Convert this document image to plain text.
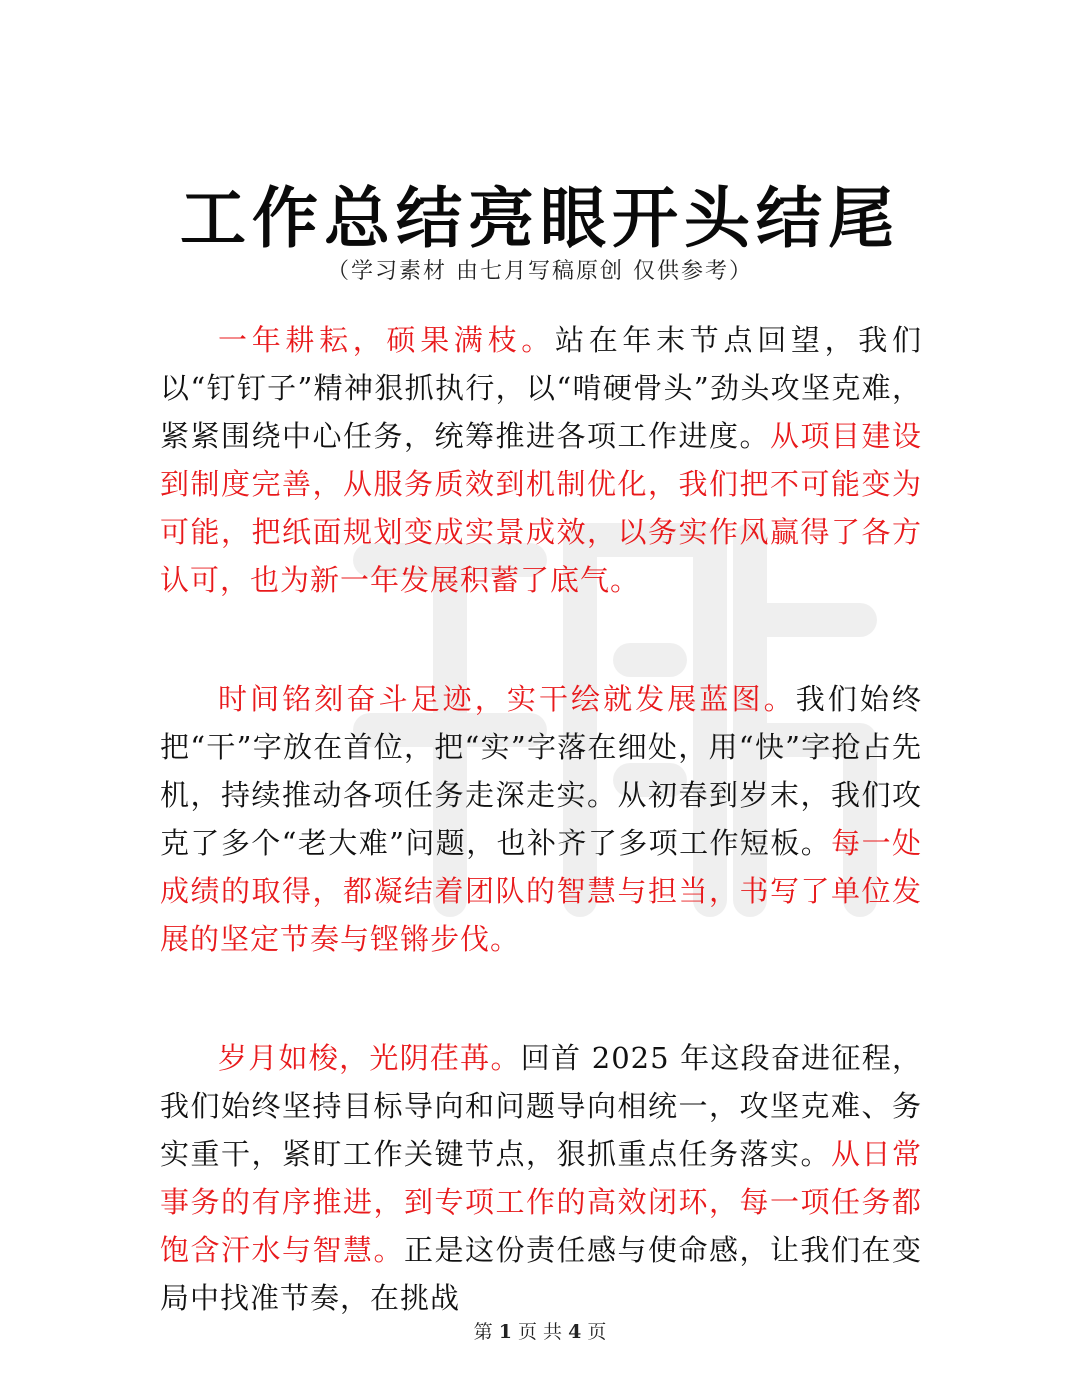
工作总结亮眼开头结尾
（学习素材 由七月写稿原创 仅供参考）

一年耕耘，硕果满枝。站在年末节点回望，我们以“钉钉子”精神狠抓执行，以“啃硬骨头”劲头攻坚克难，紧紧围绕中心任务，统筹推进各项工作进度。从项目建设到制度完善，从服务质效到机制优化，我们把不可能变为可能，把纸面规划变成实景成效，以务实作风赢得了各方认可，也为新一年发展积蓄了底气。

时间铭刻奋斗足迹，实干绘就发展蓝图。我们始终把“干”字放在首位，把“实”字落在细处，用“快”字抢占先机，持续推动各项任务走深走实。从初春到岁末，我们攻克了多个“老大难”问题，也补齐了多项工作短板。每一处成绩的取得，都凝结着团队的智慧与担当，书写了单位发展的坚定节奏与铿锵步伐。

岁月如梭，光阴荏苒。回首 2025 年这段奋进征程，我们始终坚持目标导向和问题导向相统一，攻坚克难、务实重干，紧盯工作关键节点，狠抓重点任务落实。从日常事务的有序推进，到专项工作的高效闭环，每一项任务都饱含汗水与智慧。正是这份责任感与使命感，让我们在变局中找准节奏，在挑战

第 1 页 共 4 页
